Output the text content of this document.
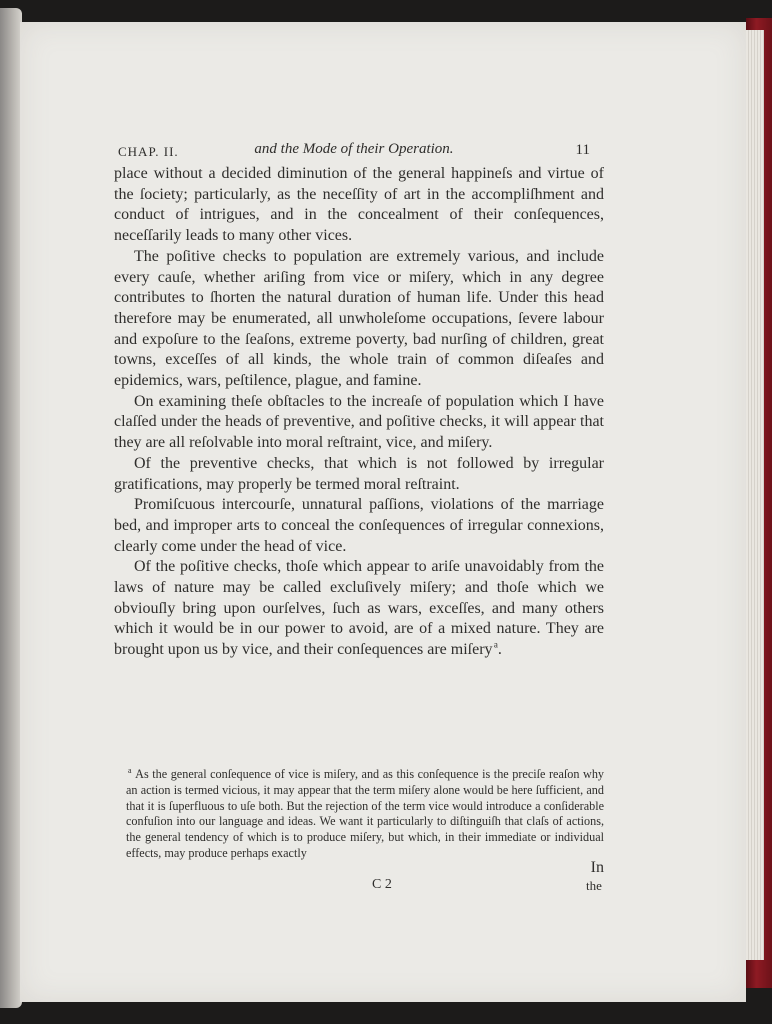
CHAP. II.	and the Mode of their Operation.	11

place without a decided diminution of the general happineſs and virtue of the ſociety; particularly, as the neceſſity of art in the accompliſhment and conduct of intrigues, and in the concealment of their conſequences, neceſſarily leads to many other vices.

The poſitive checks to population are extremely various, and include every cauſe, whether ariſing from vice or miſery, which in any degree contributes to ſhorten the natural duration of human life. Under this head therefore may be enumerated, all unwholeſome occupations, ſevere labour and expoſure to the ſeaſons, extreme poverty, bad nurſing of children, great towns, exceſſes of all kinds, the whole train of common diſeaſes and epidemics, wars, peſtilence, plague, and famine.

On examining theſe obſtacles to the increaſe of population which I have claſſed under the heads of preventive, and poſitive checks, it will appear that they are all reſolvable into moral reſtraint, vice, and miſery.

Of the preventive checks, that which is not followed by irregular gratifications, may properly be termed moral reſtraint.

Promiſcuous intercourſe, unnatural paſſions, violations of the marriage bed, and improper arts to conceal the conſequences of irregular connexions, clearly come under the head of vice.

Of the poſitive checks, thoſe which appear to ariſe unavoidably from the laws of nature may be called excluſively miſery; and thoſe which we obviouſly bring upon ourſelves, ſuch as wars, exceſſes, and many others which it would be in our power to avoid, are of a mixed nature. They are brought upon us by vice, and their conſequences are miſery $^a$.

In

$^a$ As the general conſequence of vice is miſery, and as this conſequence is the preciſe reaſon why an action is termed vicious, it may appear that the term miſery alone would be here ſufficient, and that it is ſuperfluous to uſe both. But the rejection of the term vice would introduce a conſiderable confuſion into our language and ideas. We want it particularly to diſtinguiſh that claſs of actions, the general tendency of which is to produce miſery, but which, in their immediate or individual effects, may produce perhaps exactly

C 2	the
